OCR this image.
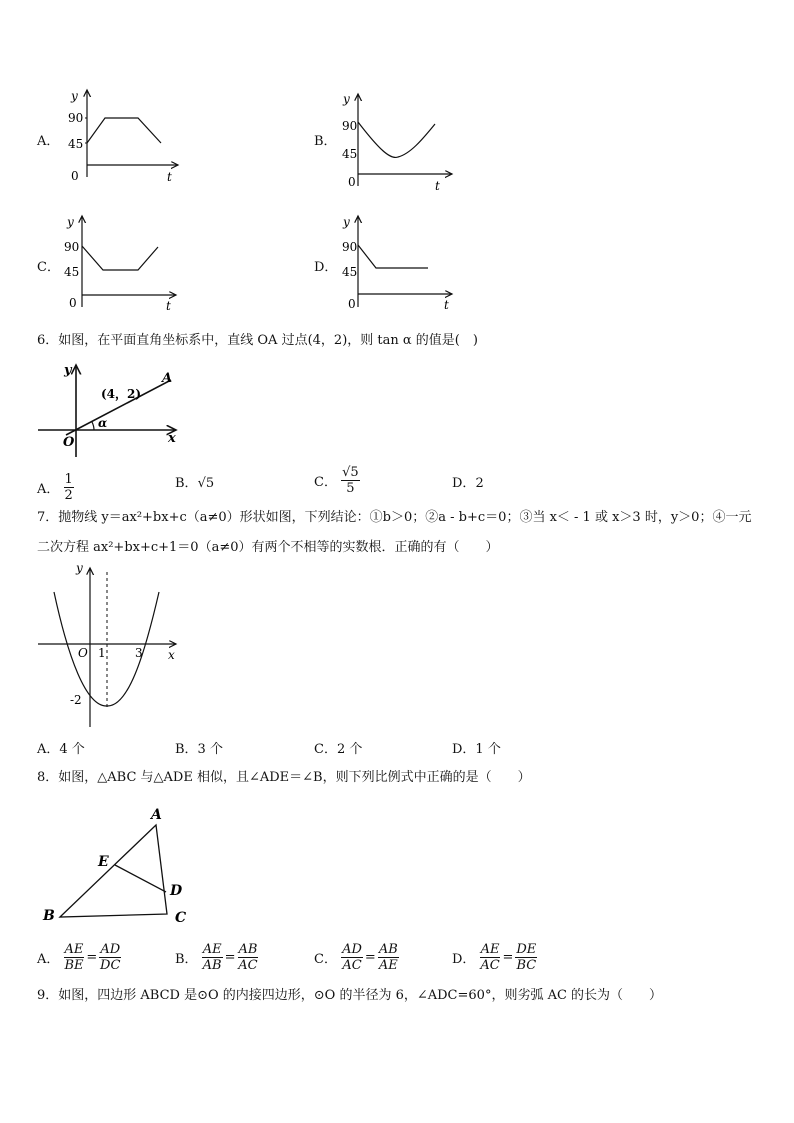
A．
y
t
0
90
45	B．
y
t
0
90
45
C．
y
t
0
90
45	D．
y
t
0
90
45
6．如图，在平面直角坐标系中，直线 OA 过点(4，2)，则 tan α 的值是(　)
y
x
O
A
(4，2)
α
A． $\frac{1}{2}$	B．√5	C． $\frac{√5}{5}$	D．2
7．抛物线 y＝ax²+bx+c（a≠0）形状如图，下列结论：①b＞0；②a - b+c＝0；③当 x＜ - 1 或 x＞3 时，y＞0；④一元
二次方程 ax²+bx+c+1＝0（a≠0）有两个不相等的实数根．正确的有（　　）
y
x
O 1 3
-2
A．4 个	B．3 个	C．2 个	D．1 个
8．如图，△ABC 与△ADE 相似，且∠ADE＝∠B，则下列比例式中正确的是（　　）
A
B	C
D
E
A． $\frac{AE}{BE} = \frac{AD}{DC}$	B． $\frac{AE}{AB} = \frac{AB}{AC}$	C． $\frac{AD}{AC} = \frac{AB}{AE}$	D． $\frac{AE}{AC} = \frac{DE}{BC}$
9．如图，四边形 ABCD 是⊙O 的内接四边形，⊙O 的半径为 6，∠ADC=60°，则劣弧 AC 的长为（　　）
